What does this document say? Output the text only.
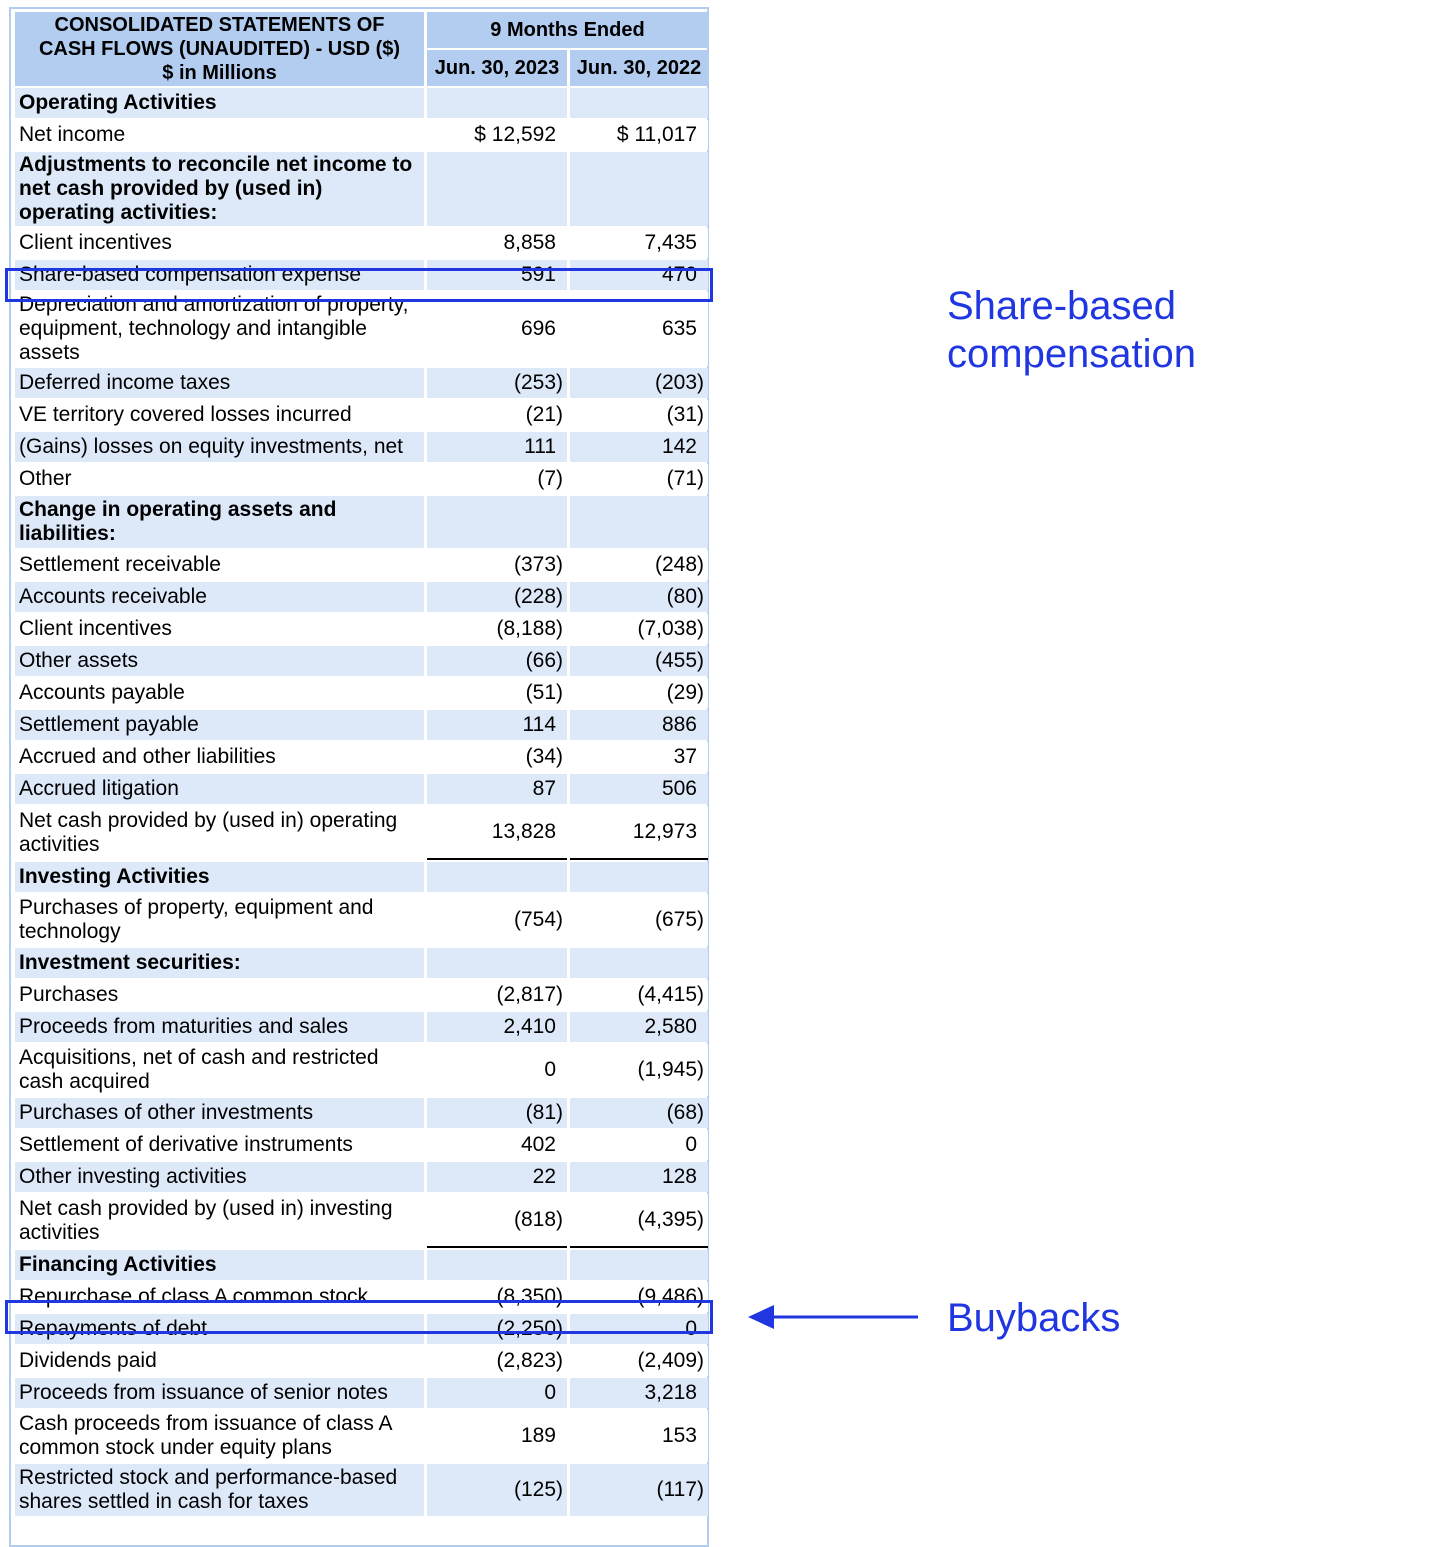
CONSOLIDATED STATEMENTS OF
CASH FLOWS (UNAUDITED) - USD ($)
$ in Millions	9 Months Ended	
	Jun. 30, 2023	Jun. 30, 2022
Operating Activities		
Net income	$ 12,592	$ 11,017
Adjustments to reconcile net income to net cash provided by (used in) operating activities:		
Client incentives	8,858	7,435
Share-based compensation expense	591	470
Depreciation and amortization of property, equipment, technology and intangible assets	696	635
Deferred income taxes	(253)	(203)
VE territory covered losses incurred	(21)	(31)
(Gains) losses on equity investments, net	111	142
Other	(7)	(71)
Change in operating assets and liabilities:		
Settlement receivable	(373)	(248)
Accounts receivable	(228)	(80)
Client incentives	(8,188)	(7,038)
Other assets	(66)	(455)
Accounts payable	(51)	(29)
Settlement payable	114	886
Accrued and other liabilities	(34)	37
Accrued litigation	87	506
Net cash provided by (used in) operating activities	13,828	12,973
Investing Activities		
Purchases of property, equipment and technology	(754)	(675)
Investment securities:		
Purchases	(2,817)	(4,415)
Proceeds from maturities and sales	2,410	2,580
Acquisitions, net of cash and restricted cash acquired	0	(1,945)
Purchases of other investments	(81)	(68)
Settlement of derivative instruments	402	0
Other investing activities	22	128
Net cash provided by (used in) investing activities	(818)	(4,395)
Financing Activities		
Repurchase of class A common stock	(8,350)	(9,486)
Repayments of debt	(2,250)	0
Dividends paid	(2,823)	(2,409)
Proceeds from issuance of senior notes	0	3,218
Cash proceeds from issuance of class A common stock under equity plans	189	153
Restricted stock and performance-based shares settled in cash for taxes	(125)	(117)
Share-based
compensation
Buybacks
